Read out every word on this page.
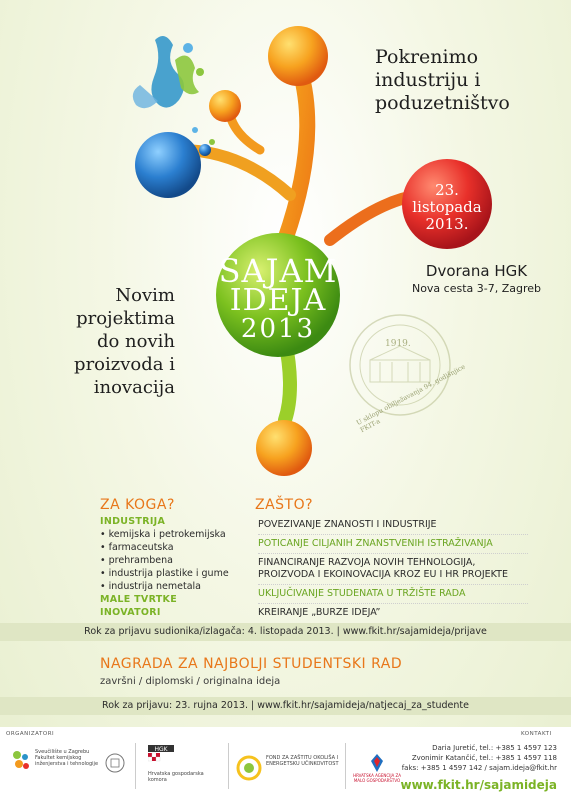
1919.
U sklopu obilježavanja 94. godišnjice FKIT-a
Pokrenimo
industriju i
poduzetništvo
23.
listopada
2013.
SAJAM
IDEJA
2013
Dvorana HGK
Nova cesta 3-7, Zagreb
Novim
projektima
do novih
proizvoda i
inovacija
ZA KOGA?
INDUSTRIJA
• kemijska i petrokemijska
• farmaceutska
• prehrambena
• industrija plastike i gume
• industrija nemetala
MALE TVRTKE
INOVATORI
ZAŠTO?
POVEZIVANJE ZNANOSTI I INDUSTRIJE
POTICANJE CILJANIH ZNANSTVENIH ISTRAŽIVANJA
FINANCIRANJE RAZVOJA NOVIH TEHNOLOGIJA, PROIZVODA I EKOINOVACIJA KROZ EU I HR PROJEKTE
UKLJUČIVANJE STUDENATA U TRŽIŠTE RADA
KREIRANJE „BURZE IDEJA”
Rok za prijavu sudionika/izlagača: 4. listopada 2013. | www.fkit.hr/sajamideja/prijave
NAGRADA ZA NAJBOLJI STUDENTSKI RAD
završni / diplomski / originalna ideja
Rok za prijavu: 23. rujna 2013. | www.fkit.hr/sajamideja/natjecaj_za_studente
ORGANIZATORI	KONTAKTI
Sveučilište u Zagrebu Fakultet kemijskog inženjerstva i tehnologije
HGK
Hrvatska gospodarska komora
FOND ZA ZAŠTITU OKOLIŠA I ENERGETSKU UČINKOVITOST
HRVATSKA AGENCIJA ZA MALO GOSPODARSTVO
Daria Juretić, tel.: +385 1 4597 123
Zvonimir Katančić, tel.: +385 1 4597 118
faks: +385 1 4597 142 / sajam.ideja@fkit.hr
www.fkit.hr/sajamideja
